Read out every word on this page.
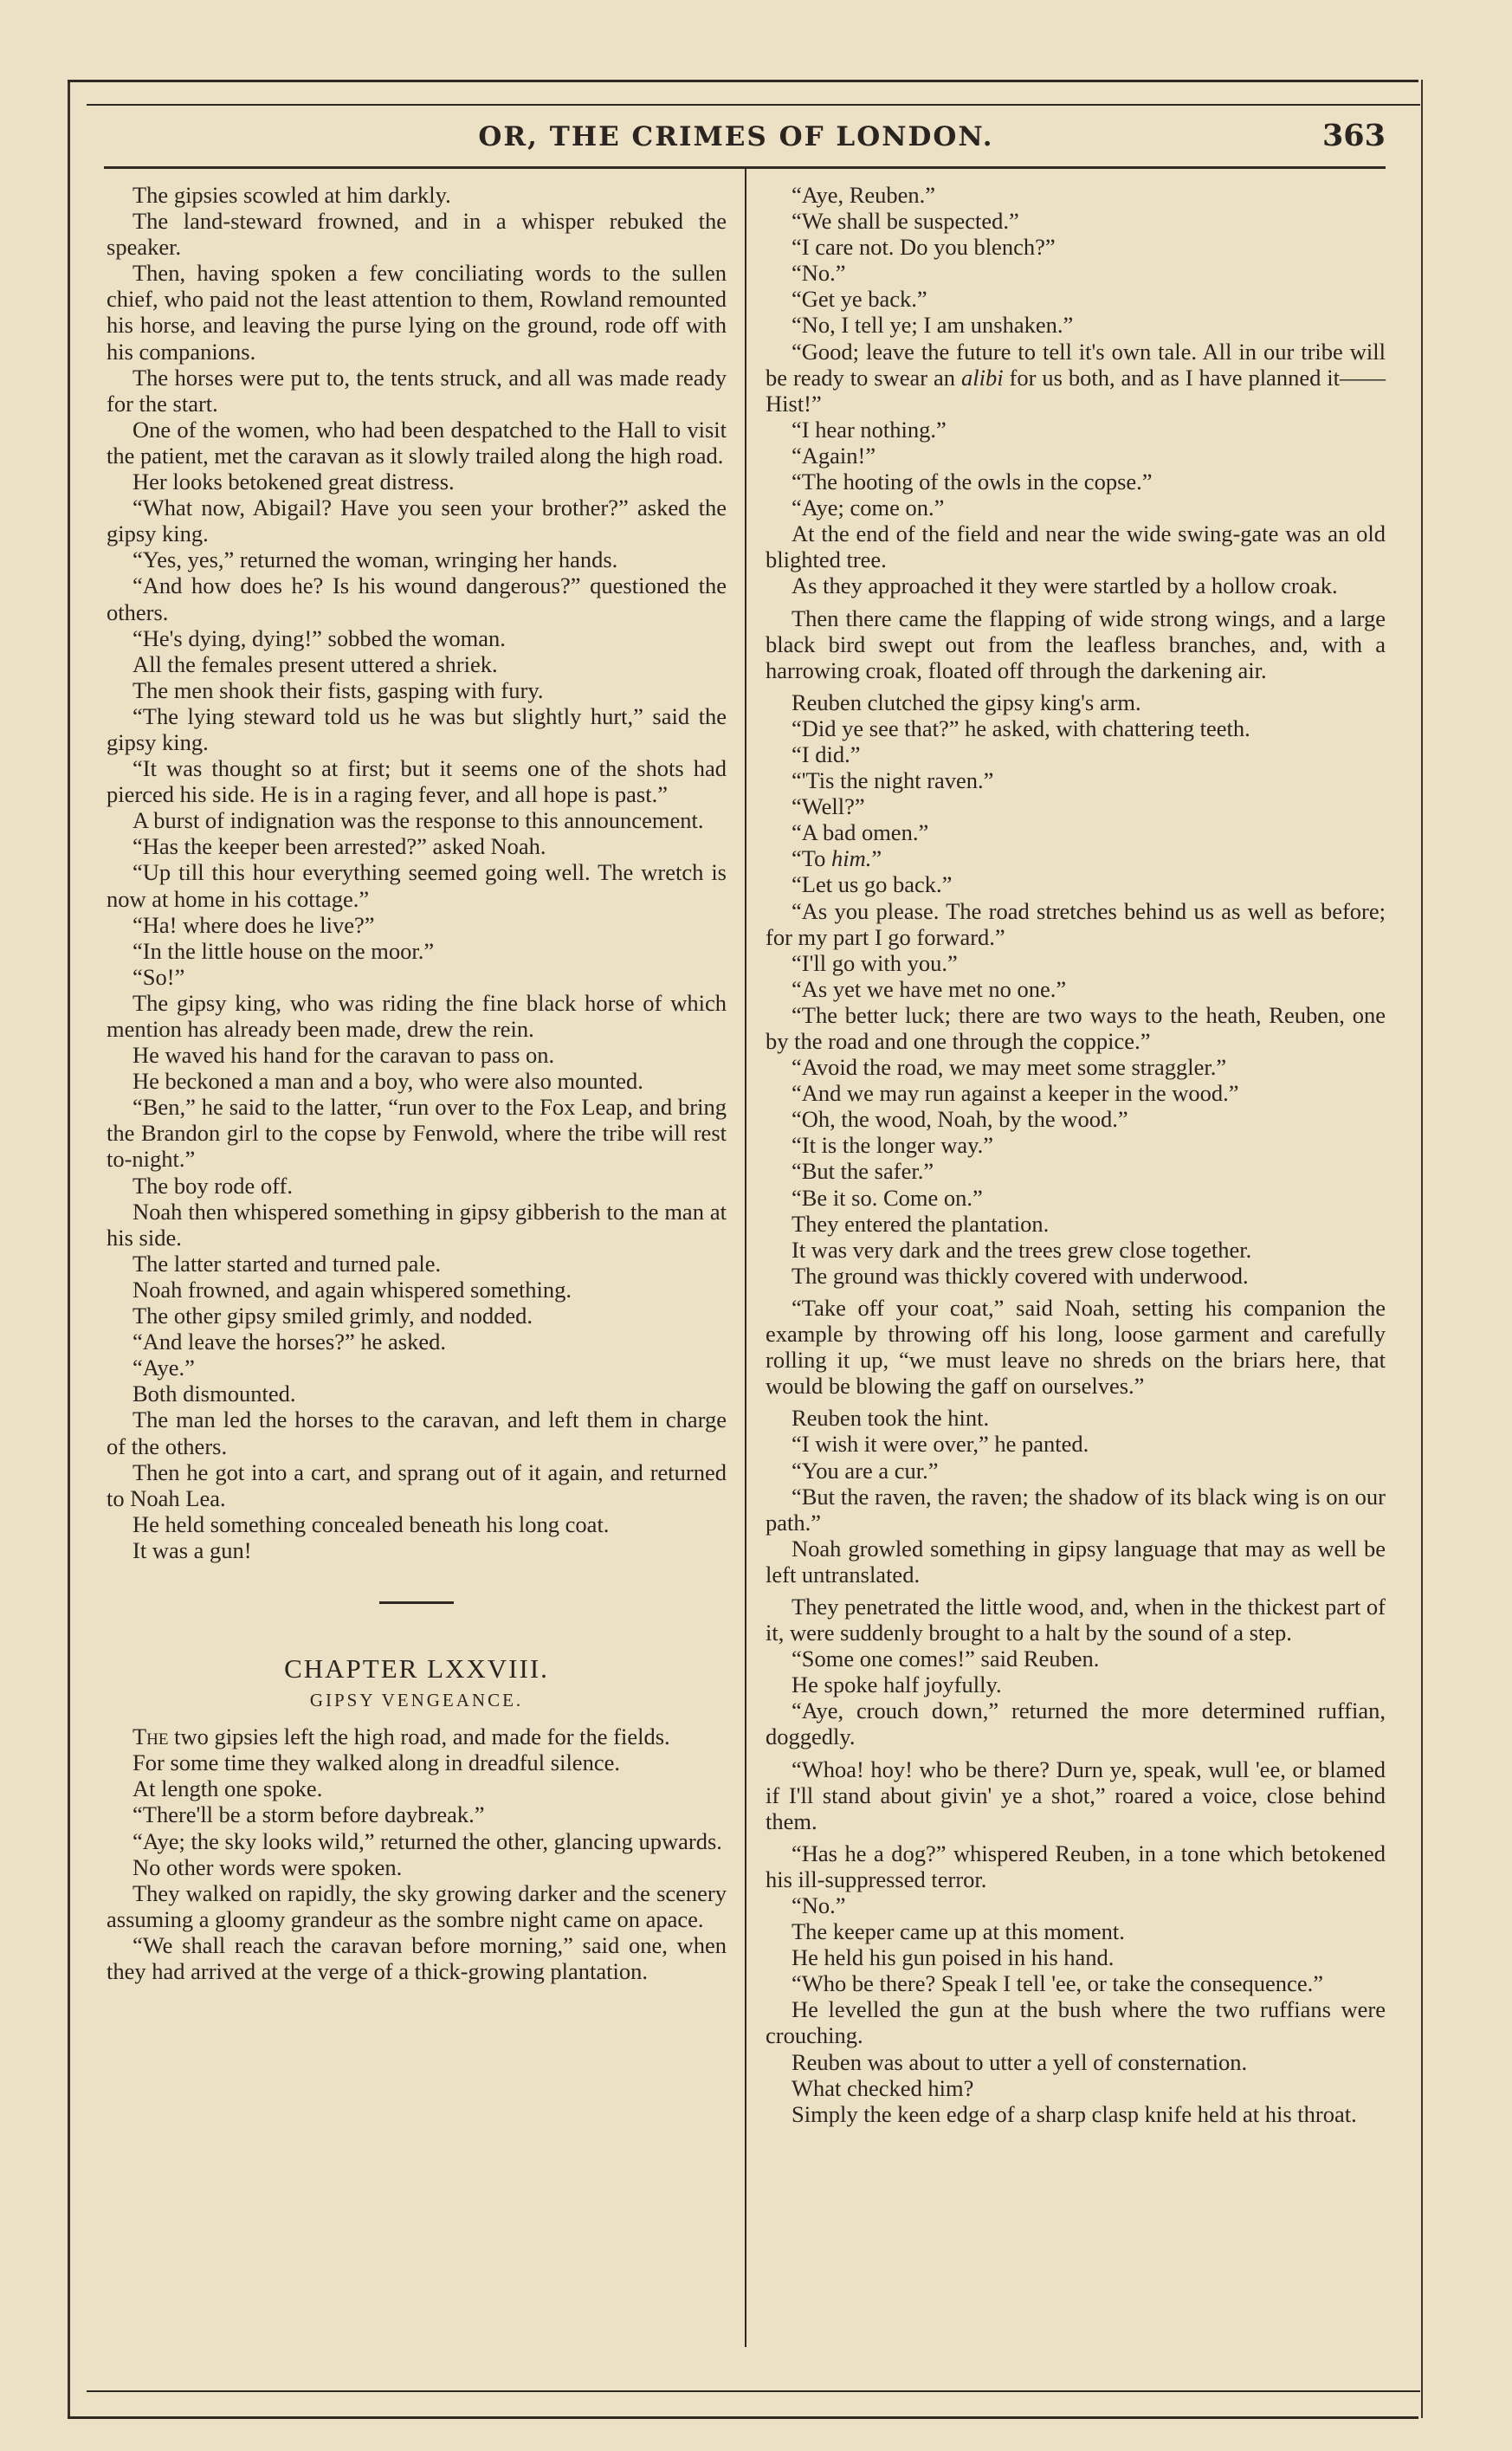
OR, THE CRIMES OF LONDON.	363

The gipsies scowled at him darkly.

The land-steward frowned, and in a whisper rebuked the speaker.

Then, having spoken a few conciliating words to the sullen chief, who paid not the least attention to them, Rowland remounted his horse, and leaving the purse lying on the ground, rode off with his companions.

The horses were put to, the tents struck, and all was made ready for the start.

One of the women, who had been despatched to the Hall to visit the patient, met the caravan as it slowly trailed along the high road.

Her looks betokened great distress.

“What now, Abigail? Have you seen your brother?” asked the gipsy king.

“Yes, yes,” returned the woman, wringing her hands.

“And how does he? Is his wound dangerous?” questioned the others.

“He's dying, dying!” sobbed the woman.

All the females present uttered a shriek.

The men shook their fists, gasping with fury.

“The lying steward told us he was but slightly hurt,” said the gipsy king.

“It was thought so at first; but it seems one of the shots had pierced his side. He is in a raging fever, and all hope is past.”

A burst of indignation was the response to this announcement.

“Has the keeper been arrested?” asked Noah.

“Up till this hour everything seemed going well. The wretch is now at home in his cottage.”

“Ha! where does he live?”

“In the little house on the moor.”

“So!”

The gipsy king, who was riding the fine black horse of which mention has already been made, drew the rein.

He waved his hand for the caravan to pass on.

He beckoned a man and a boy, who were also mounted.

“Ben,” he said to the latter, “run over to the Fox Leap, and bring the Brandon girl to the copse by Fenwold, where the tribe will rest to-night.”

The boy rode off.

Noah then whispered something in gipsy gibberish to the man at his side.

The latter started and turned pale.

Noah frowned, and again whispered something.

The other gipsy smiled grimly, and nodded.

“And leave the horses?” he asked.

“Aye.”

Both dismounted.

The man led the horses to the caravan, and left them in charge of the others.

Then he got into a cart, and sprang out of it again, and returned to Noah Lea.

He held something concealed beneath his long coat.

It was a gun!

CHAPTER LXXVIII.
GIPSY VENGEANCE.

The two gipsies left the high road, and made for the fields.

For some time they walked along in dreadful silence.

At length one spoke.

“There'll be a storm before daybreak.”

“Aye; the sky looks wild,” returned the other, glancing upwards.

No other words were spoken.

They walked on rapidly, the sky growing darker and the scenery assuming a gloomy grandeur as the sombre night came on apace.

“We shall reach the caravan before morning,” said one, when they had arrived at the verge of a thick-growing plantation.

“Aye, Reuben.”

“We shall be suspected.”

“I care not. Do you blench?”

“No.”

“Get ye back.”

“No, I tell ye; I am unshaken.”

“Good; leave the future to tell it's own tale. All in our tribe will be ready to swear an alibi for us both, and as I have planned it——Hist!”

“I hear nothing.”

“Again!”

“The hooting of the owls in the copse.”

“Aye; come on.”

At the end of the field and near the wide swing-gate was an old blighted tree.

As they approached it they were startled by a hollow croak.

Then there came the flapping of wide strong wings, and a large black bird swept out from the leafless branches, and, with a harrowing croak, floated off through the darkening air.

Reuben clutched the gipsy king's arm.

“Did ye see that?” he asked, with chattering teeth.

“I did.”

“'Tis the night raven.”

“Well?”

“A bad omen.”

“To him.”

“Let us go back.”

“As you please. The road stretches behind us as well as before; for my part I go forward.”

“I'll go with you.”

“As yet we have met no one.”

“The better luck; there are two ways to the heath, Reuben, one by the road and one through the coppice.”

“Avoid the road, we may meet some straggler.”

“And we may run against a keeper in the wood.”

“Oh, the wood, Noah, by the wood.”

“It is the longer way.”

“But the safer.”

“Be it so. Come on.”

They entered the plantation.

It was very dark and the trees grew close together.

The ground was thickly covered with underwood.

“Take off your coat,” said Noah, setting his companion the example by throwing off his long, loose garment and carefully rolling it up, “we must leave no shreds on the briars here, that would be blowing the gaff on ourselves.”

Reuben took the hint.

“I wish it were over,” he panted.

“You are a cur.”

“But the raven, the raven; the shadow of its black wing is on our path.”

Noah growled something in gipsy language that may as well be left untranslated.

They penetrated the little wood, and, when in the thickest part of it, were suddenly brought to a halt by the sound of a step.

“Some one comes!” said Reuben.

He spoke half joyfully.

“Aye, crouch down,” returned the more determined ruffian, doggedly.

“Whoa! hoy! who be there? Durn ye, speak, wull 'ee, or blamed if I'll stand about givin' ye a shot,” roared a voice, close behind them.

“Has he a dog?” whispered Reuben, in a tone which betokened his ill-suppressed terror.

“No.”

The keeper came up at this moment.

He held his gun poised in his hand.

“Who be there? Speak I tell 'ee, or take the consequence.”

He levelled the gun at the bush where the two ruffians were crouching.

Reuben was about to utter a yell of consternation.

What checked him?

Simply the keen edge of a sharp clasp knife held at his throat.
